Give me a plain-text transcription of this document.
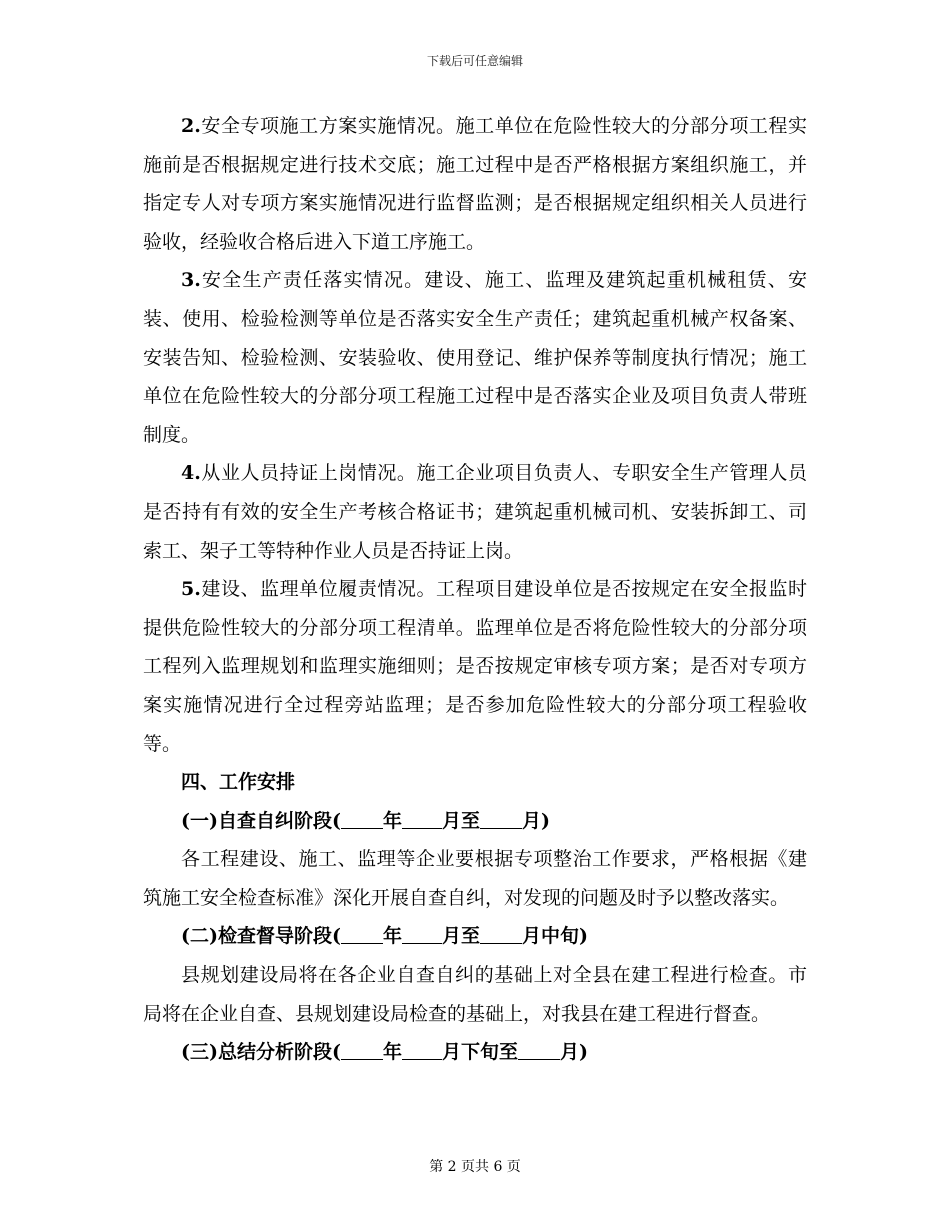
下载后可任意编辑

2.安全专项施工方案实施情况。施工单位在危险性较大的分部分项工程实施前是否根据规定进行技术交底；施工过程中是否严格根据方案组织施工，并指定专人对专项方案实施情况进行监督监测；是否根据规定组织相关人员进行验收，经验收合格后进入下道工序施工。

3.安全生产责任落实情况。建设、施工、监理及建筑起重机械租赁、安装、使用、检验检测等单位是否落实安全生产责任；建筑起重机械产权备案、安装告知、检验检测、安装验收、使用登记、维护保养等制度执行情况；施工单位在危险性较大的分部分项工程施工过程中是否落实企业及项目负责人带班制度。

4.从业人员持证上岗情况。施工企业项目负责人、专职安全生产管理人员是否持有有效的安全生产考核合格证书；建筑起重机械司机、安装拆卸工、司索工、架子工等特种作业人员是否持证上岗。

5.建设、监理单位履责情况。工程项目建设单位是否按规定在安全报监时提供危险性较大的分部分项工程清单。监理单位是否将危险性较大的分部分项工程列入监理规划和监理实施细则；是否按规定审核专项方案；是否对专项方案实施情况进行全过程旁站监理；是否参加危险性较大的分部分项工程验收等。

四、工作安排

(一)自查自纠阶段( 年 月至 月)

各工程建设、施工、监理等企业要根据专项整治工作要求，严格根据《建筑施工安全检查标准》深化开展自查自纠，对发现的问题及时予以整改落实。

(二)检查督导阶段( 年 月至 月中旬)

县规划建设局将在各企业自查自纠的基础上对全县在建工程进行检查。市局将在企业自查、县规划建设局检查的基础上，对我县在建工程进行督查。

(三)总结分析阶段( 年 月下旬至 月)

第 2 页共 6 页
